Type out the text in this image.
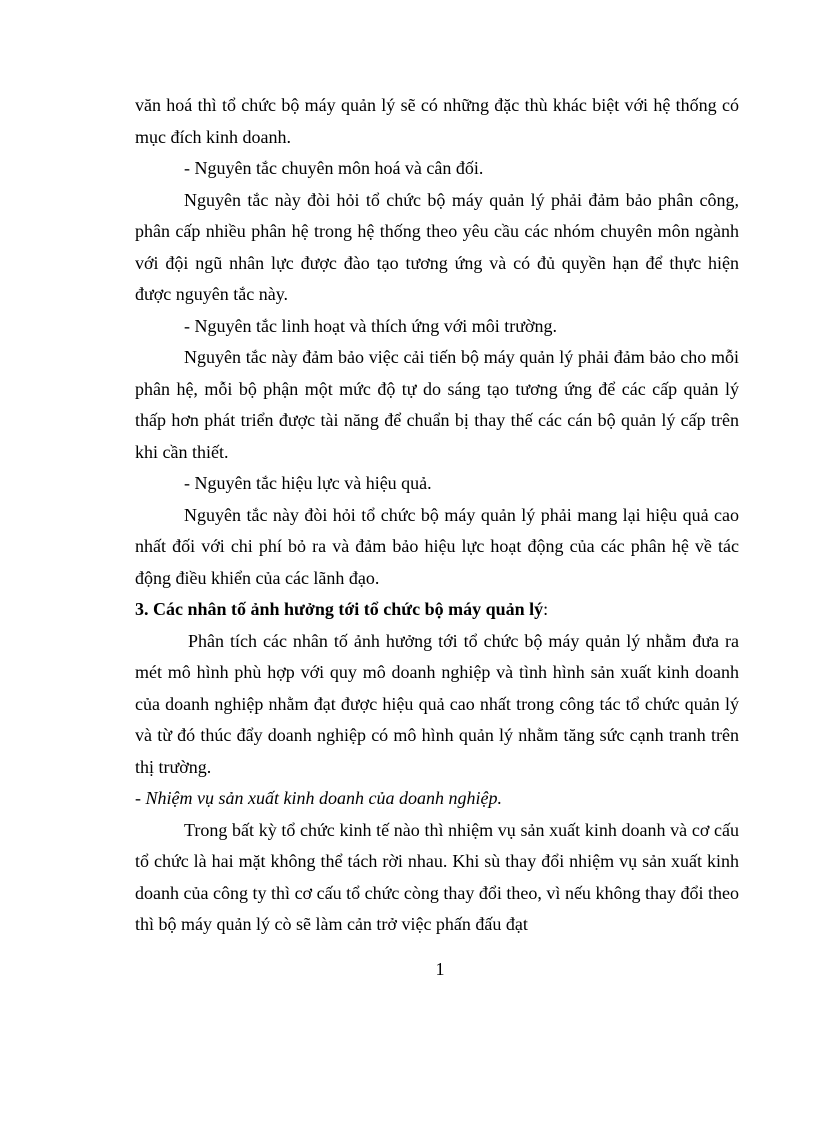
văn hoá thì tổ chức bộ máy quản lý sẽ có những đặc thù khác biệt với hệ thống có mục đích kinh doanh.

- Nguyên tắc chuyên môn hoá và cân đối.

Nguyên tắc này đòi hỏi tổ chức bộ máy quản lý phải đảm bảo phân công, phân cấp nhiều phân hệ trong hệ thống theo yêu cầu các nhóm chuyên môn ngành với đội ngũ nhân lực được đào tạo tương ứng và có đủ quyền hạn để thực hiện được nguyên tắc này.

- Nguyên tắc linh hoạt và thích ứng với môi trường.

Nguyên tắc này đảm bảo việc cải tiến bộ máy quản lý phải đảm bảo cho mỗi phân hệ, mỗi bộ phận một mức độ tự do sáng tạo tương ứng để các cấp quản lý thấp hơn phát triển được tài năng để chuẩn bị thay thế các cán bộ quản lý cấp trên khi cần thiết.

- Nguyên tắc hiệu lực và hiệu quả.

Nguyên tắc này đòi hỏi tổ chức bộ máy quản lý phải mang lại hiệu quả cao nhất đối với chi phí bỏ ra và đảm bảo hiệu lực hoạt động của các phân hệ về tác động điều khiển của các lãnh đạo.

3. Các nhân tố ảnh hưởng tới tổ chức bộ máy quản lý:

Phân tích các nhân tố ảnh hưởng tới tổ chức bộ máy quản lý nhằm đưa ra mét mô hình phù hợp với quy mô doanh nghiệp và tình hình sản xuất kinh doanh của doanh nghiệp nhằm đạt được hiệu quả cao nhất trong công tác tổ chức quản lý và từ đó thúc đẩy doanh nghiệp có mô hình quản lý nhằm tăng sức cạnh tranh trên thị trường.

- Nhiệm vụ sản xuất kinh doanh của doanh nghiệp.

Trong bất kỳ tổ chức kinh tế nào thì nhiệm vụ sản xuất kinh doanh và cơ cấu tổ chức là hai mặt không thể tách rời nhau. Khi sù thay đổi nhiệm vụ sản xuất kinh doanh của công ty thì cơ cấu tổ chức còng thay đổi theo, vì nếu không thay đổi theo thì bộ máy quản lý cò sẽ làm cản trở việc phấn đấu đạt

1
